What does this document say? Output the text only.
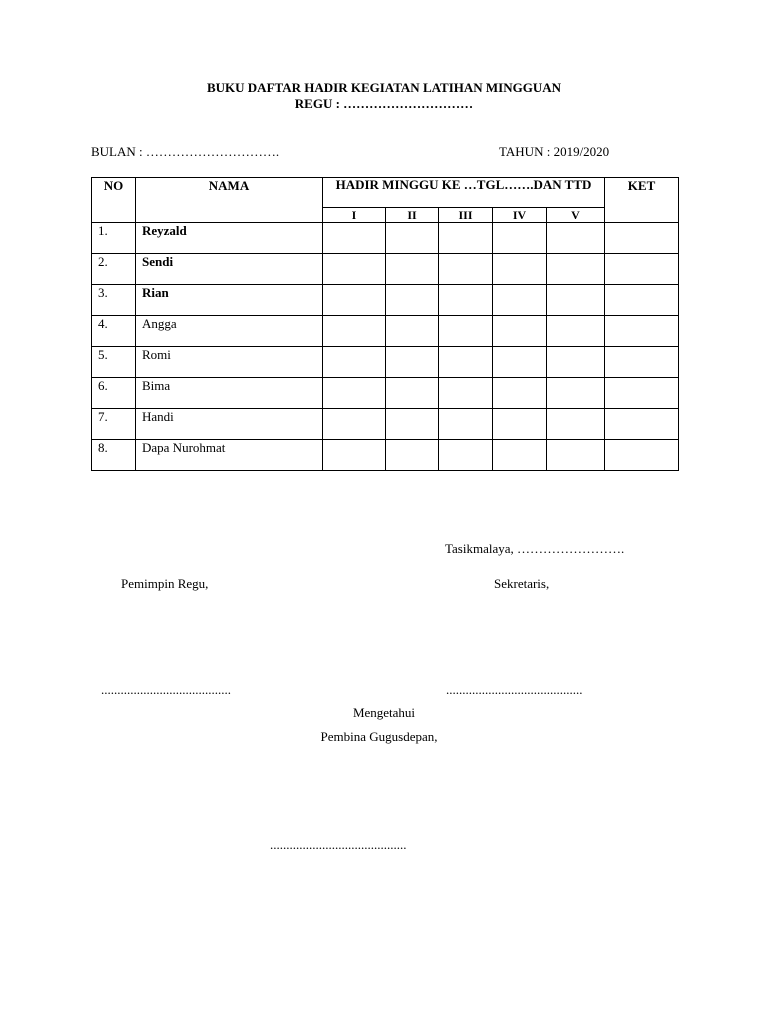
BUKU DAFTAR HADIR KEGIATAN LATIHAN MINGGUAN
REGU : …………………………
BULAN : ………………………….	TAHUN : 2019/2020
NO	NAMA	HADIR MINGGU KE …TGL…….DAN TTD					KET
		I	II	III	IV	V	
1.	Reyzald						
2.	Sendi						
3.	Rian						
4.	Angga						
5.	Romi						
6.	Bima						
7.	Handi						
8.	Dapa Nurohmat						
Tasikmalaya, …………………….
Pemimpin Regu,	Sekretaris,
........................................	..........................................
Mengetahui
Pembina Gugusdepan,
..........................................
